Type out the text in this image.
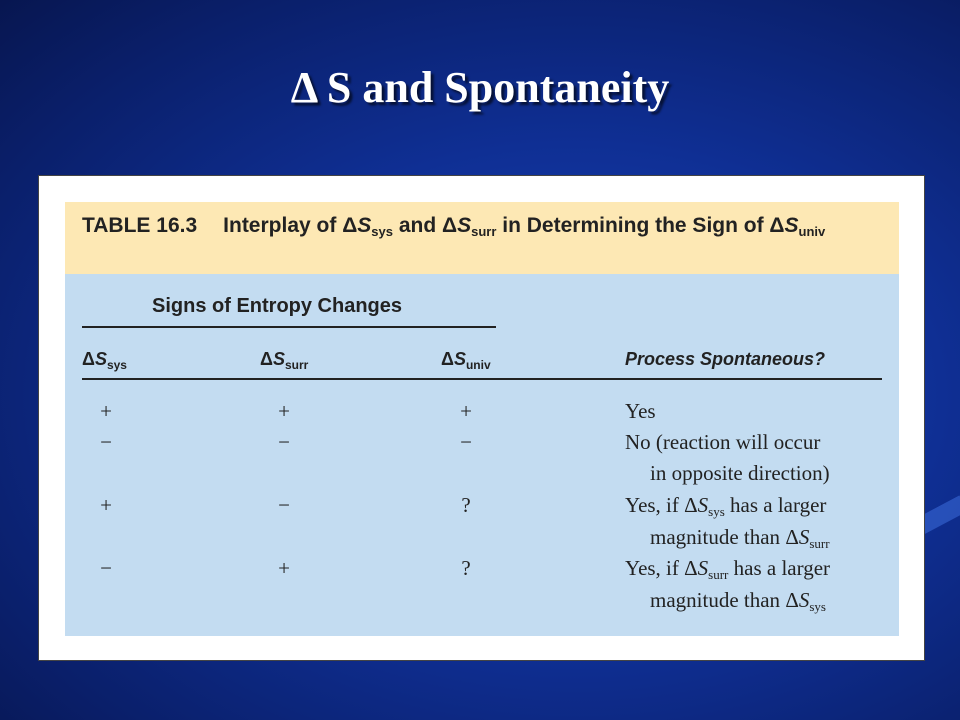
Δ S and Spontaneity
TABLE 16.3 Interplay of $\Delta S_{sys}$ and $\Delta S_{surr}$ in Determining the Sign of $\Delta S_{univ}$
Signs of Entropy Changes
$\Delta S_{sys}$	$\Delta S_{surr}$	$\Delta S_{univ}$	Process Spontaneous?
+	+	+	Yes
−	−	−	No (reaction will occur
in opposite direction)
+	−	?	Yes, if $\Delta S_{sys}$ has a larger
magnitude than $\Delta S_{surr}$
−	+	?	Yes, if $\Delta S_{surr}$ has a larger
magnitude than $\Delta S_{sys}$
